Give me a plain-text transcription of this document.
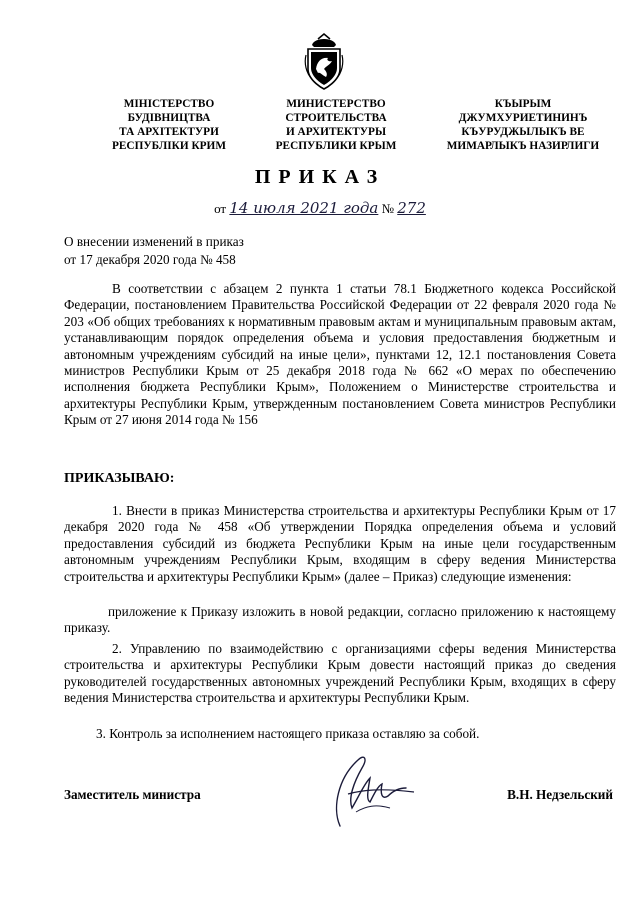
МІНІСТЕРСТВО
БУДІВНИЦТВА
ТА АРХІТЕКТУРИ
РЕСПУБЛІКИ КРИМ
МИНИСТЕРСТВО
СТРОИТЕЛЬСТВА
И АРХИТЕКТУРЫ
РЕСПУБЛИКИ КРЫМ
КЪЫРЫМ
ДЖУМХУРИЕТИНИНЪ
КЪУРУДЖЫЛЫКЪ ВЕ
МИМАРЛЫКЪ НАЗИРЛИГИ
ПРИКАЗ
от 14 июля 2021 года № 272
О внесении изменений в приказ
от 17 декабря 2020 года № 458
В соответствии с абзацем 2 пункта 1 статьи 78.1 Бюджетного кодекса Российской Федерации, постановлением Правительства Российской Федерации от 22 февраля 2020 года № 203 «Об общих требованиях к нормативным правовым актам и муниципальным правовым актам, устанавливающим порядок определения объема и условия предоставления бюджетным и автономным учреждениям субсидий на иные цели», пунктами 12, 12.1 постановления Совета министров Республики Крым от 25 декабря 2018 года № 662 «О мерах по обеспечению исполнения бюджета Республики Крым», Положением о Министерстве строительства и архитектуры Республики Крым, утвержденным постановлением Совета министров Республики Крым от 27 июня 2014 года № 156
ПРИКАЗЫВАЮ:
1. Внести в приказ Министерства строительства и архитектуры Республики Крым от 17 декабря 2020 года № 458 «Об утверждении Порядка определения объема и условий предоставления субсидий из бюджета Республики Крым на иные цели государственным автономным учреждениям Республики Крым, входящим в сферу ведения Министерства строительства и архитектуры Республики Крым» (далее – Приказ) следующие изменения:
приложение к Приказу изложить в новой редакции, согласно приложению к настоящему приказу.
2. Управлению по взаимодействию с организациями сферы ведения Министерства строительства и архитектуры Республики Крым довести настоящий приказ до сведения руководителей государственных автономных учреждений Республики Крым, входящих в сферу ведения Министерства строительства и архитектуры Республики Крым.
3. Контроль за исполнением настоящего приказа оставляю за собой.
Заместитель министра	В.Н. Недзельский
